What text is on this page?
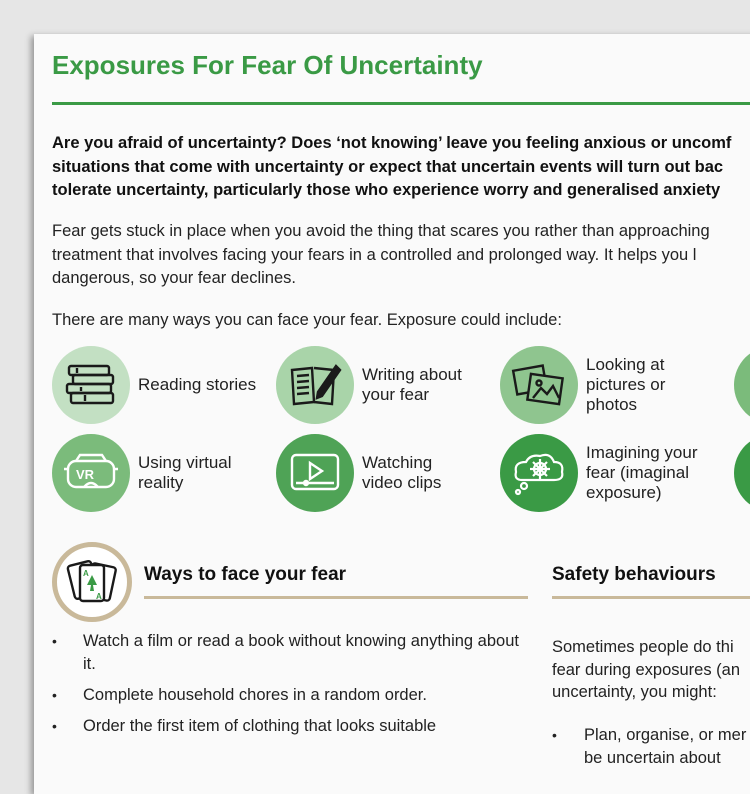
Exposures For Fear Of Uncertainty

Are you afraid of uncertainty? Does ‘not knowing’ leave you feeling anxious or uncomf
situations that come with uncertainty or expect that uncertain events will turn out bac
tolerate uncertainty, particularly those who experience worry and generalised anxiety

Fear gets stuck in place when you avoid the thing that scares you rather than approaching
treatment that involves facing your fears in a controlled and prolonged way. It helps you l
dangerous, so your fear declines.

There are many ways you can face your fear. Exposure could include:

Reading stories
Writing about your fear
Looking at pictures or photos
VR
Using virtual reality
Watching video clips
Imagining your fear (imaginal exposure)
A
A
Ways to face your fear
• Watch a film or read a book without knowing anything about it.
• Complete household chores in a random order.
• Order the first item of clothing that looks suitable
Safety behaviours

Sometimes people do thi
fear during exposures (an
uncertainty, you might:

• Plan, organise, or mer
be uncertain about
